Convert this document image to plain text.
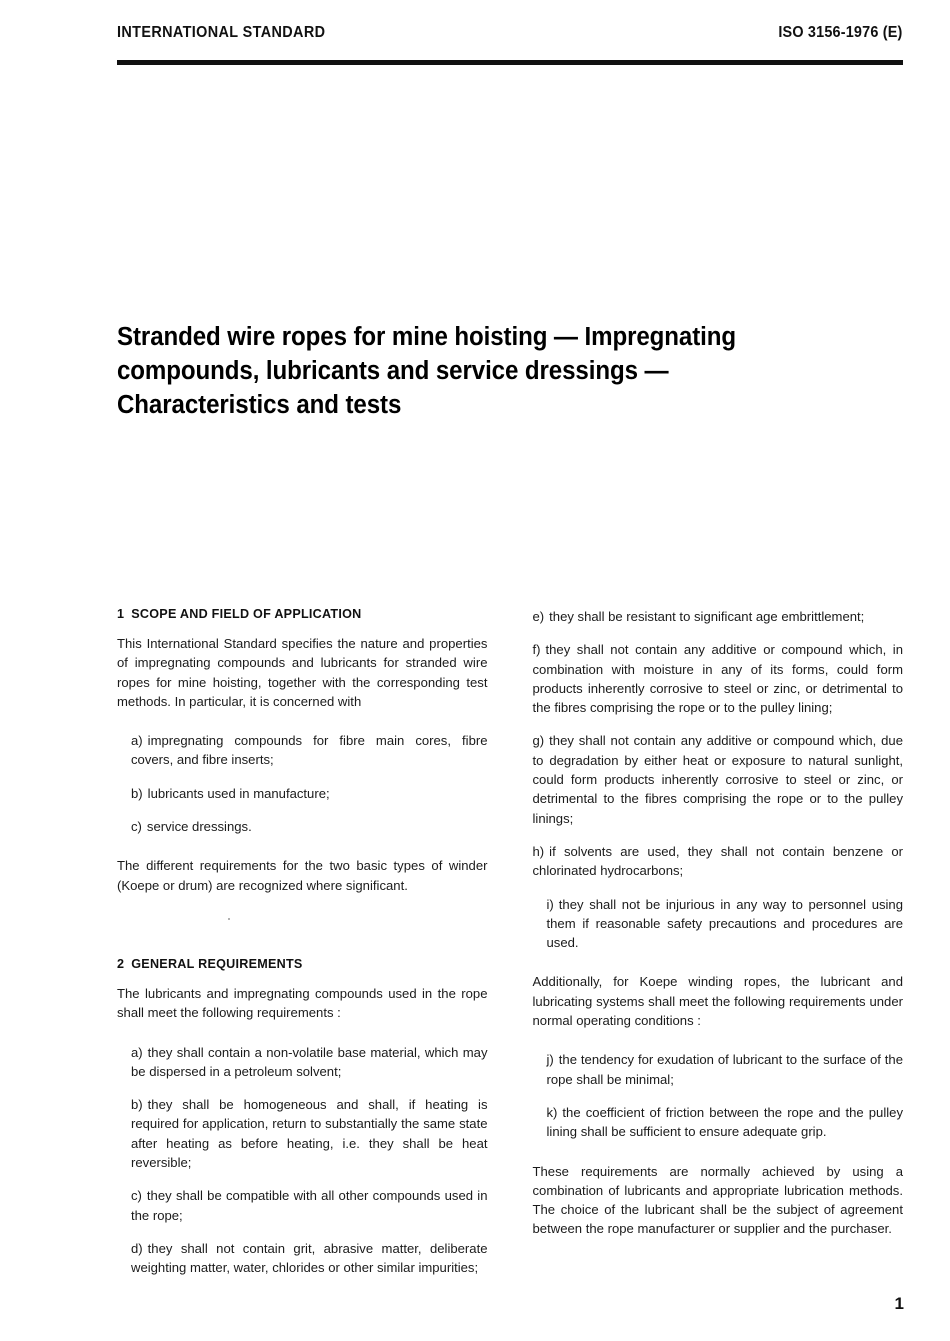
INTERNATIONAL STANDARD	ISO 3156-1976 (E)
Stranded wire ropes for mine hoisting — Impregnating compounds, lubricants and service dressings — Characteristics and tests
1 SCOPE AND FIELD OF APPLICATION

This International Standard specifies the nature and properties of impregnating compounds and lubricants for stranded wire ropes for mine hoisting, together with the corresponding test methods. In particular, it is concerned with

a) impregnating compounds for fibre main cores, fibre covers, and fibre inserts;

b) lubricants used in manufacture;

c) service dressings.

The different requirements for the two basic types of winder (Koepe or drum) are recognized where significant.

2 GENERAL REQUIREMENTS

The lubricants and impregnating compounds used in the rope shall meet the following requirements :

a) they shall contain a non-volatile base material, which may be dispersed in a petroleum solvent;

b) they shall be homogeneous and shall, if heating is required for application, return to substantially the same state after heating as before heating, i.e. they shall be heat reversible;

c) they shall be compatible with all other compounds used in the rope;

d) they shall not contain grit, abrasive matter, deliberate weighting matter, water, chlorides or other similar impurities;

e) they shall be resistant to significant age embrittlement;

f) they shall not contain any additive or compound which, in combination with moisture in any of its forms, could form products inherently corrosive to steel or zinc, or detrimental to the fibres comprising the rope or to the pulley lining;

g) they shall not contain any additive or compound which, due to degradation by either heat or exposure to natural sunlight, could form products inherently corrosive to steel or zinc, or detrimental to the fibres comprising the rope or to the pulley linings;

h) if solvents are used, they shall not contain benzene or chlorinated hydrocarbons;

i) they shall not be injurious in any way to personnel using them if reasonable safety precautions and procedures are used.

Additionally, for Koepe winding ropes, the lubricant and lubricating systems shall meet the following requirements under normal operating conditions :

j) the tendency for exudation of lubricant to the surface of the rope shall be minimal;

k) the coefficient of friction between the rope and the pulley lining shall be sufficient to ensure adequate grip.

These requirements are normally achieved by using a combination of lubricants and appropriate lubrication methods. The choice of the lubricant shall be the subject of agreement between the rope manufacturer or supplier and the purchaser.

1
